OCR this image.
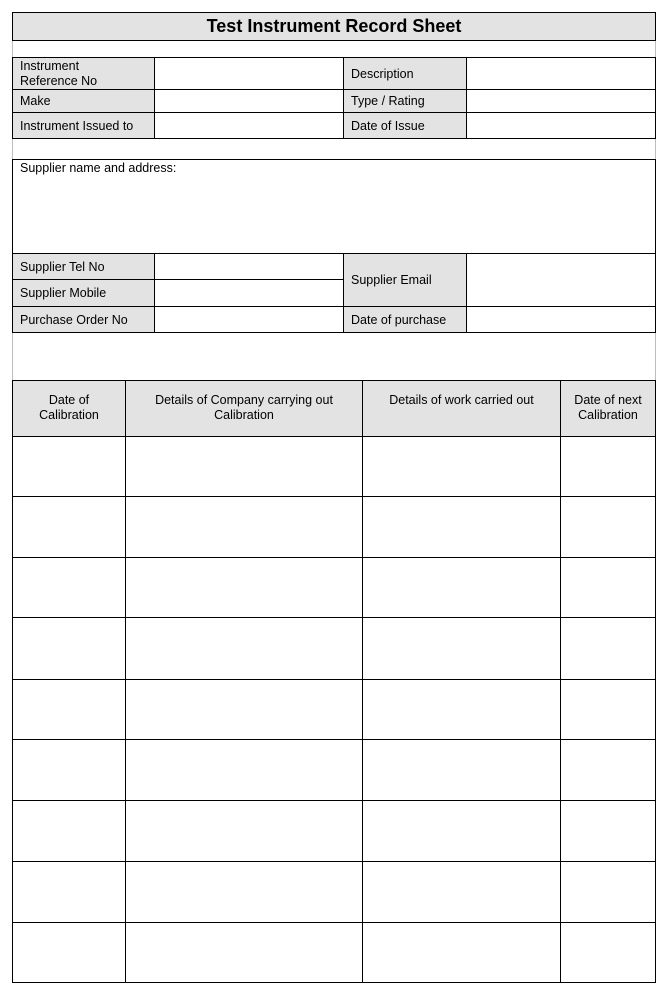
Test Instrument Record Sheet
Instrument
Reference No
Make
Instrument Issued to
Description
Type / Rating
Date of Issue
Supplier name and address:
Supplier Tel No
Supplier Mobile
Purchase Order No
Supplier Email
Date of purchase
Date of
Calibration
Details of Company carrying out
Calibration
Details of work carried out	Date of next
Calibration
